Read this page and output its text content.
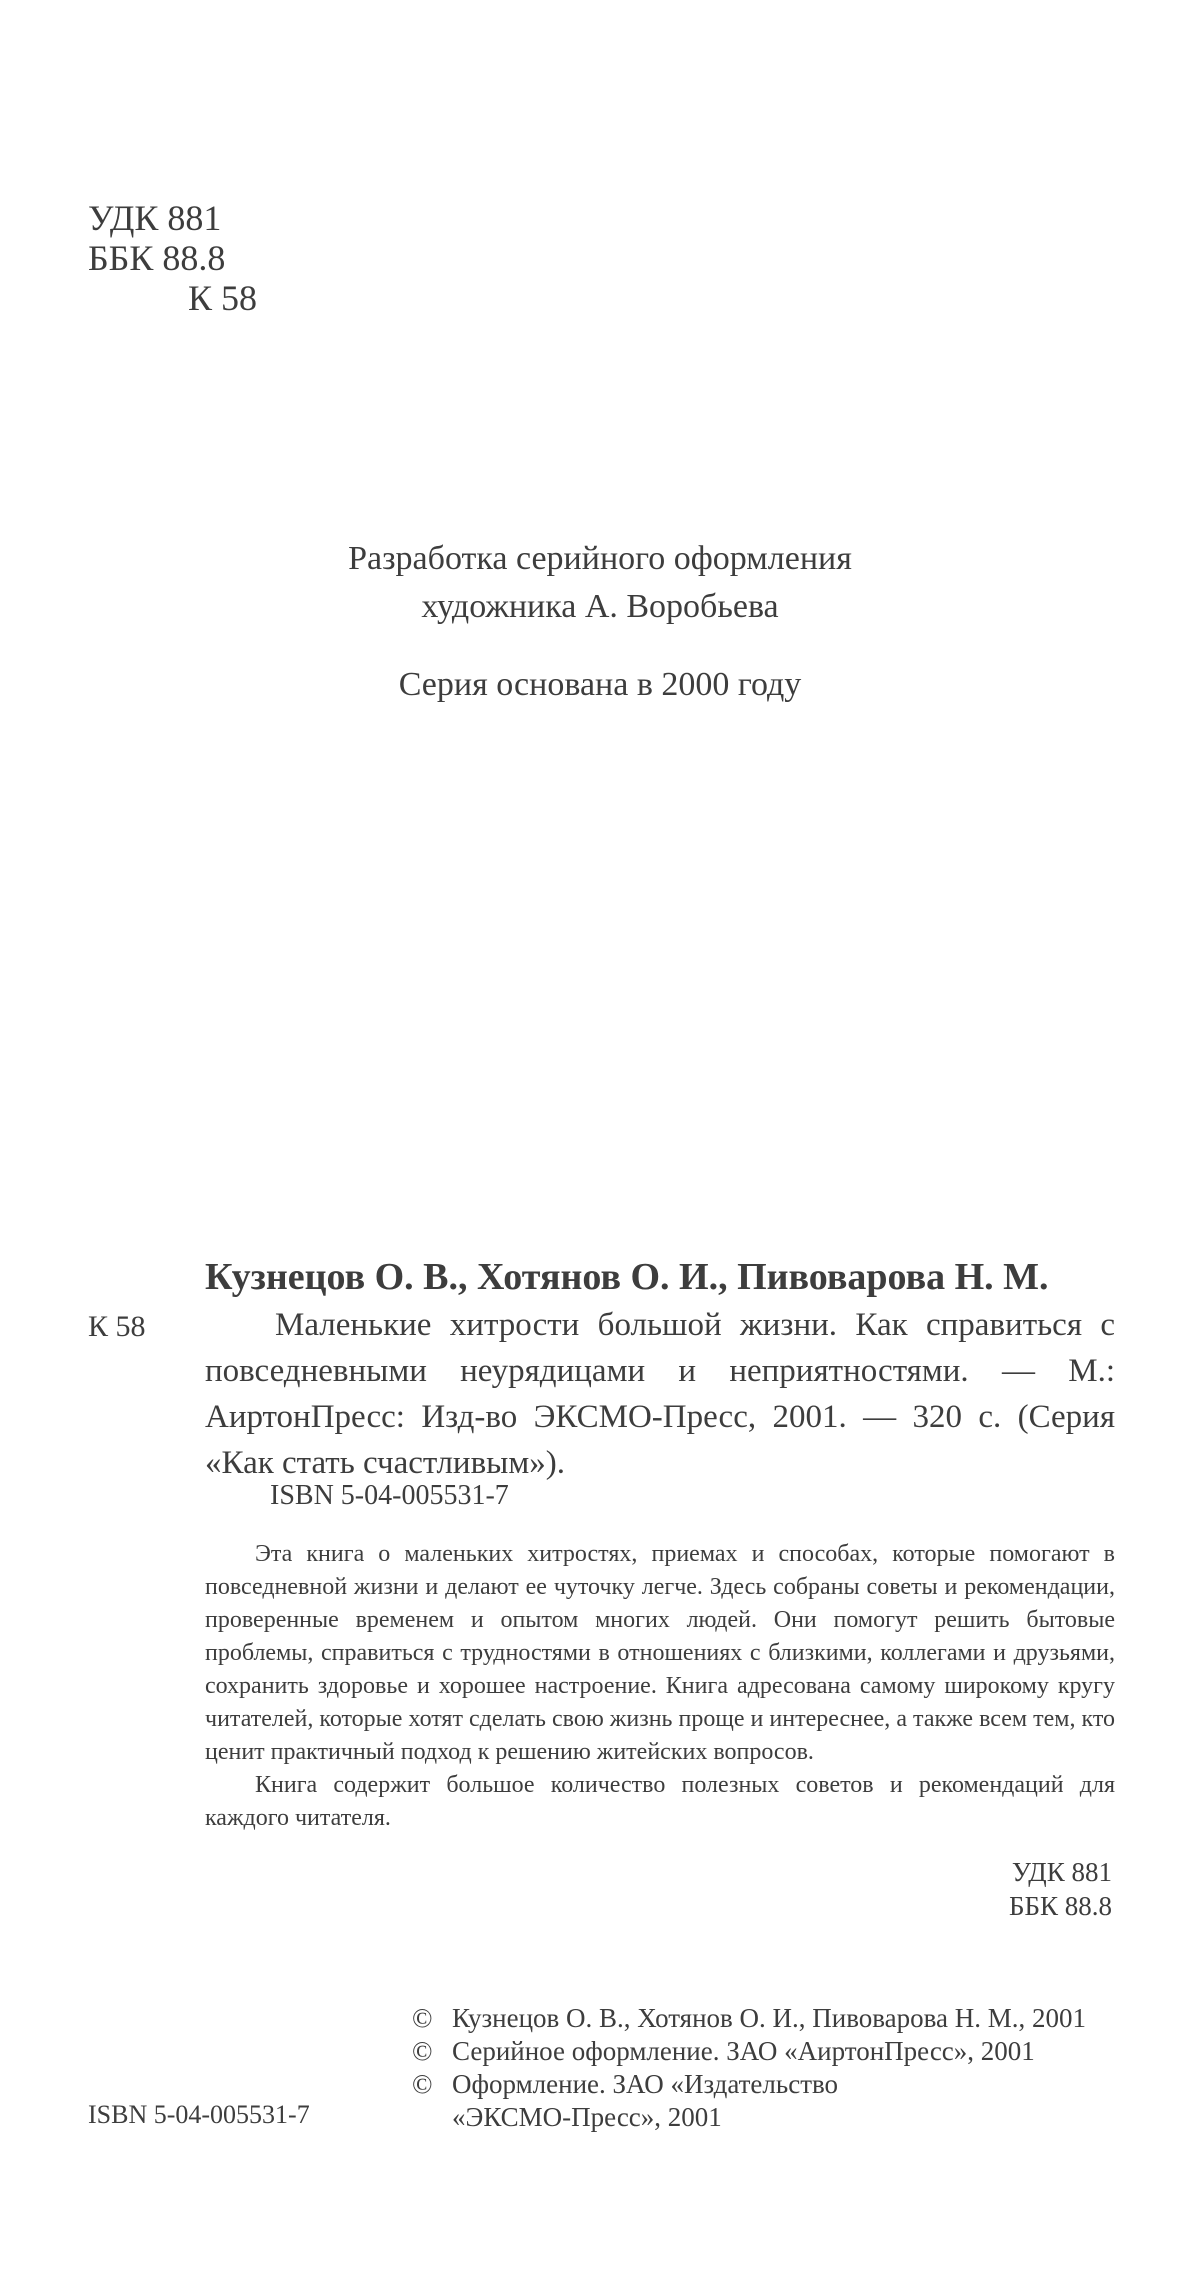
УДК 881
ББК 88.8
К 58
Разработка серийного оформления
художника А. Воробьева
Серия основана в 2000 году
Кузнецов О. В., Хотянов О. И., Пивоварова Н. М.
К 58	Маленькие хитрости большой жизни. Как справиться с повседневными неурядицами и неприятностями. — М.: АиртонПресс: Изд-во ЭКСМО-Пресс, 2001. — 320 с. (Серия «Как стать счастливым»).
ISBN 5-04-005531-7

Эта книга о маленьких хитростях, приемах и способах, которые помогают в повседневной жизни и делают ее чуточку легче. Здесь собраны советы и рекомендации, проверенные временем и опытом многих людей. Они помогут решить бытовые проблемы, справиться с трудностями в отношениях с близкими, коллегами и друзьями, сохранить здоровье и хорошее настроение. Книга адресована самому широкому кругу читателей, которые хотят сделать свою жизнь проще и интереснее, а также всем тем, кто ценит практичный подход к решению житейских вопросов.

Книга содержит большое количество полезных советов и рекомендаций для каждого читателя.

УДК 881
ББК 88.8
© Кузнецов О. В., Хотянов О. И., Пивоварова Н. М., 2001
© Серийное оформление. ЗАО «АиртонПресс», 2001
© Оформление. ЗАО «Издательство
«ЭКСМО-Пресс», 2001
ISBN 5-04-005531-7
